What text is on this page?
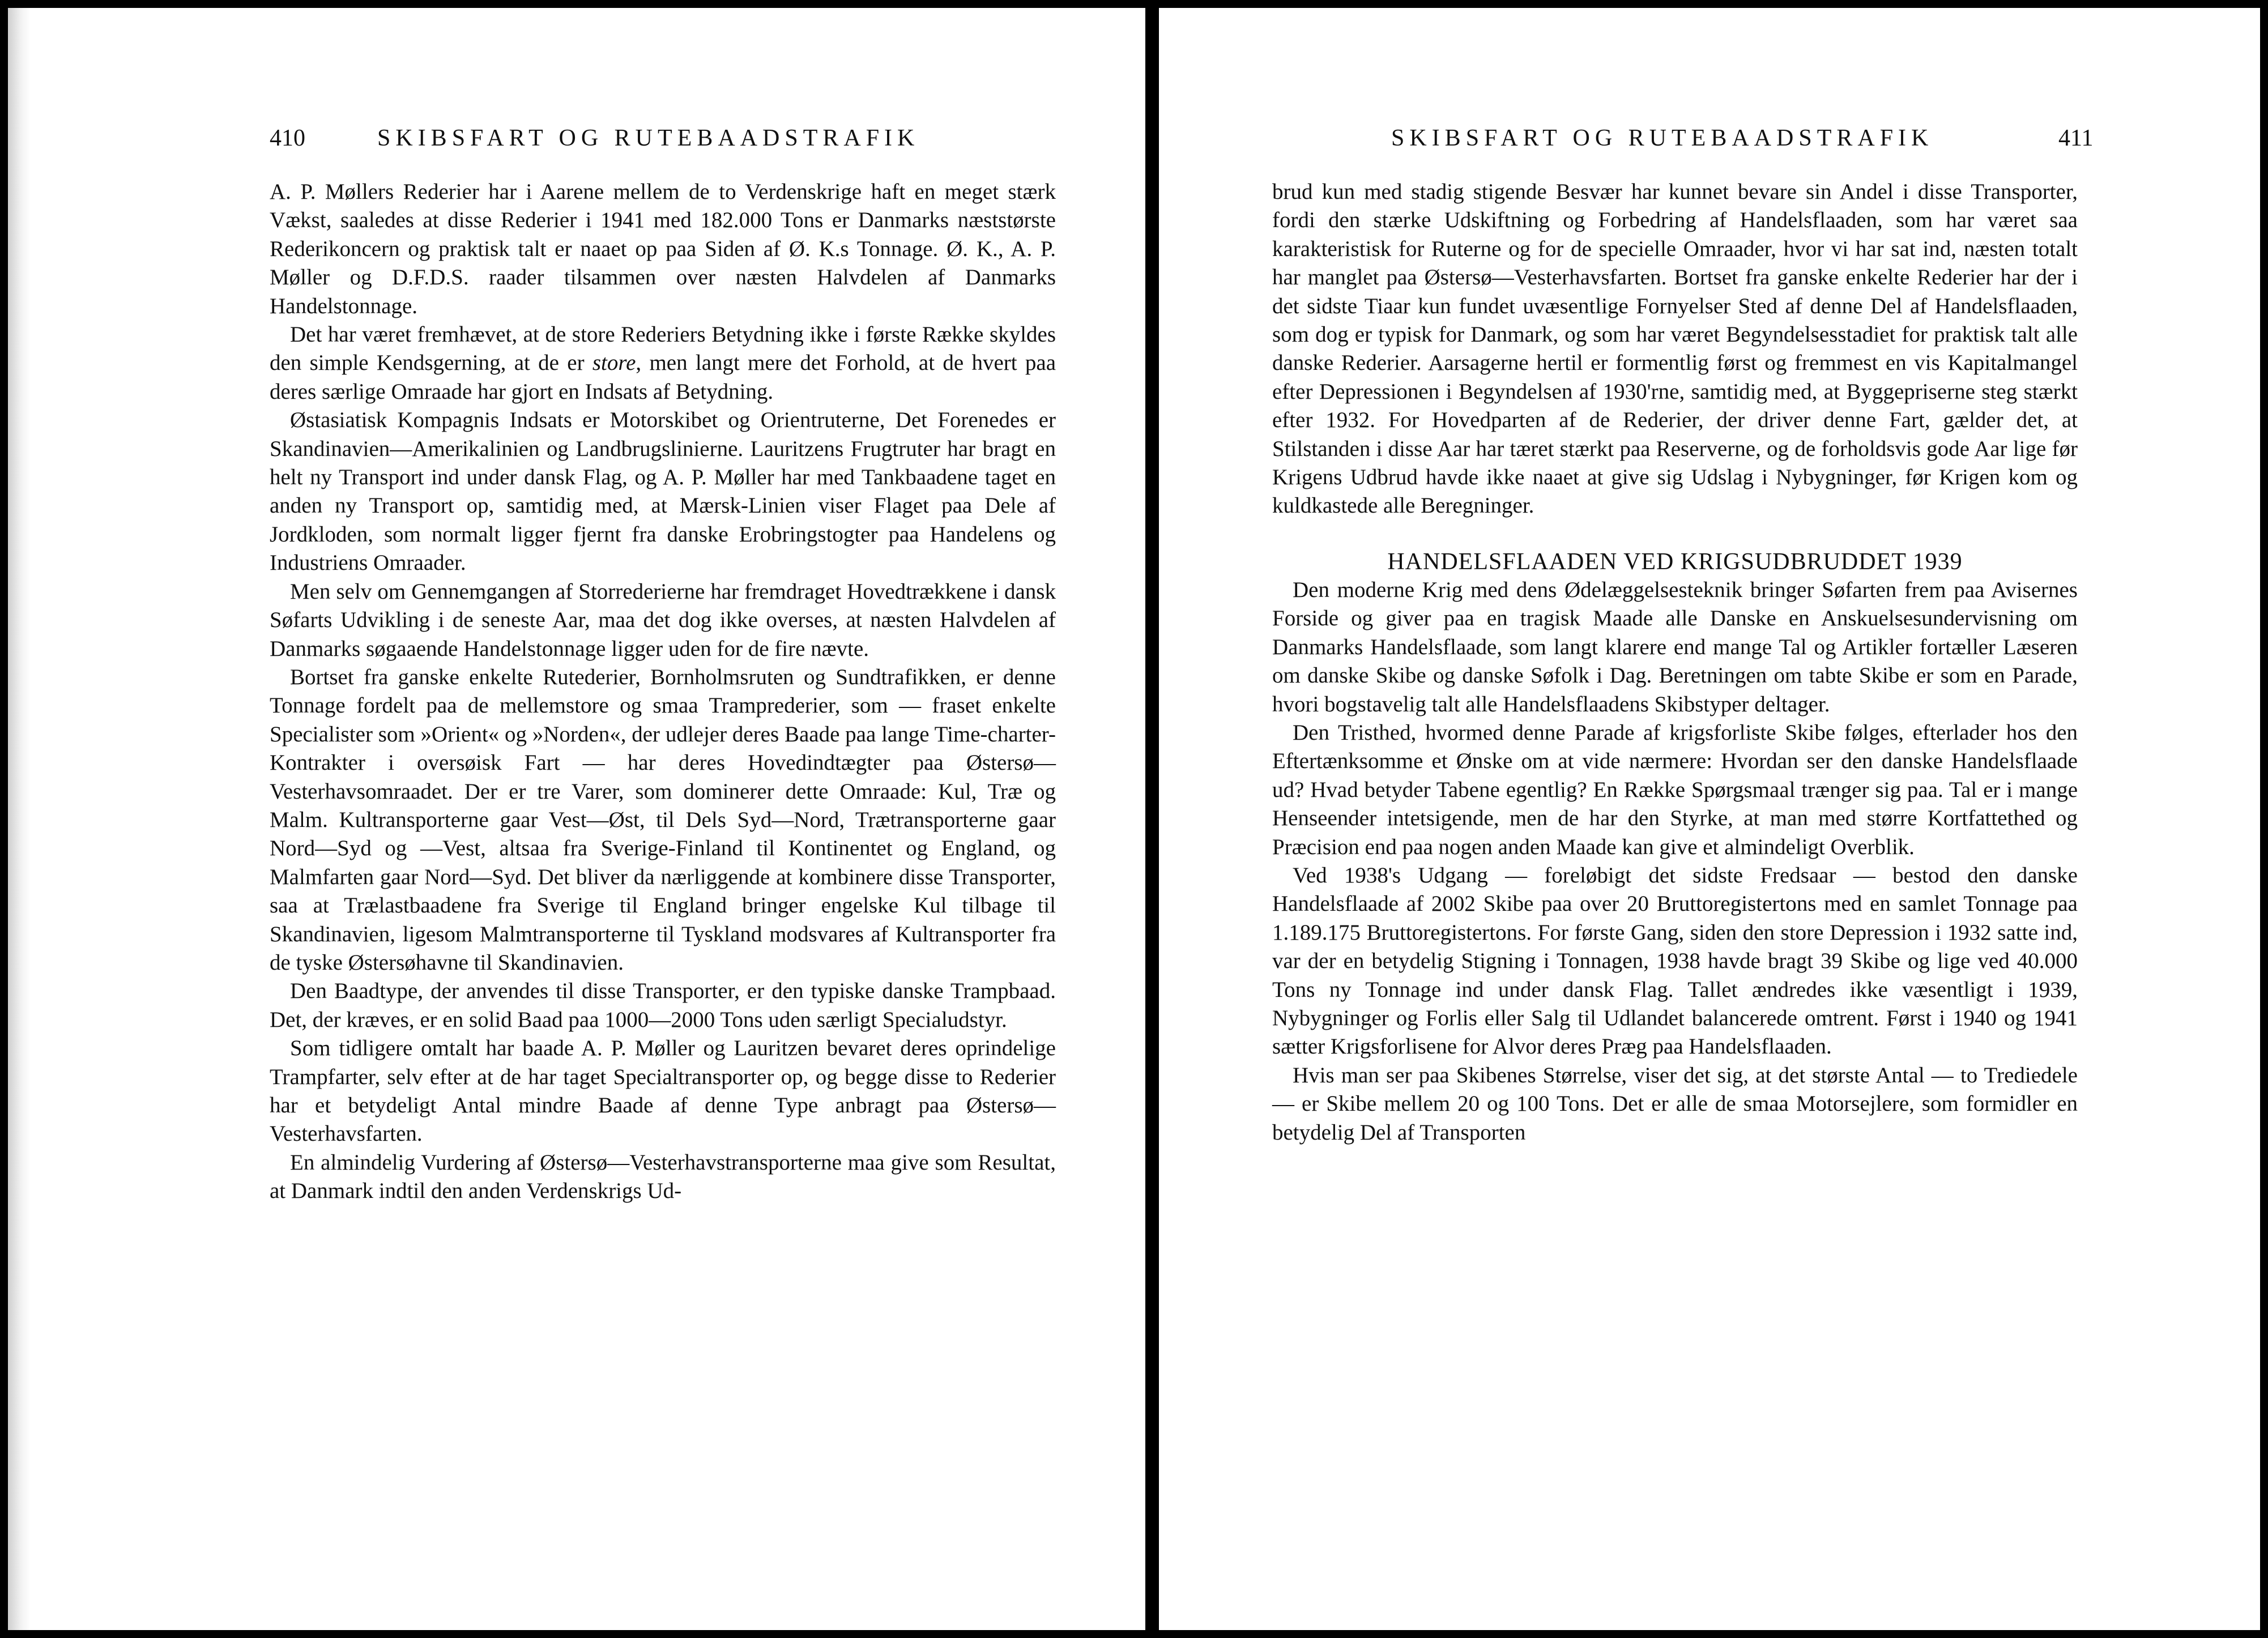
410	SKIBSFART OG RUTEBAADSTRAFIK

A. P. Møllers Rederier har i Aarene mellem de to Verdenskrige haft en meget stærk Vækst, saaledes at disse Rederier i 1941 med 182.000 Tons er Danmarks næststørste Rederikoncern og praktisk talt er naaet op paa Siden af Ø. K.s Tonnage. Ø. K., A. P. Møller og D.F.D.S. raader tilsammen over næsten Halvdelen af Danmarks Handelstonnage.

Det har været fremhævet, at de store Rederiers Betydning ikke i første Række skyldes den simple Kendsgerning, at de er store, men langt mere det Forhold, at de hvert paa deres særlige Omraade har gjort en Indsats af Betydning.

Østasiatisk Kompagnis Indsats er Motorskibet og Orientruterne, Det Forenedes er Skandinavien—Amerikalinien og Landbrugslinierne. Lauritzens Frugtruter har bragt en helt ny Transport ind under dansk Flag, og A. P. Møller har med Tankbaadene taget en anden ny Transport op, samtidig med, at Mærsk-Linien viser Flaget paa Dele af Jordkloden, som normalt ligger fjernt fra danske Erobringstogter paa Handelens og Industriens Omraader.

Men selv om Gennemgangen af Storrederierne har fremdraget Hovedtrækkene i dansk Søfarts Udvikling i de seneste Aar, maa det dog ikke overses, at næsten Halvdelen af Danmarks søgaaende Handelstonnage ligger uden for de fire nævte.

Bortset fra ganske enkelte Rutederier, Bornholmsruten og Sundtrafikken, er denne Tonnage fordelt paa de mellemstore og smaa Tramprederier, som — fraset enkelte Specialister som »Orient« og »Norden«, der udlejer deres Baade paa lange Time-charter-Kontrakter i oversøisk Fart — har deres Hovedindtægter paa Østersø—Vesterhavsomraadet. Der er tre Varer, som dominerer dette Omraade: Kul, Træ og Malm. Kultransporterne gaar Vest—Øst, til Dels Syd—Nord, Trætransporterne gaar Nord—Syd og —Vest, altsaa fra Sverige-Finland til Kontinentet og England, og Malmfarten gaar Nord—Syd. Det bliver da nærliggende at kombinere disse Transporter, saa at Trælastbaadene fra Sverige til England bringer engelske Kul tilbage til Skandinavien, ligesom Malmtransporterne til Tyskland modsvares af Kultransporter fra de tyske Østersøhavne til Skandinavien.

Den Baadtype, der anvendes til disse Transporter, er den typiske danske Trampbaad. Det, der kræves, er en solid Baad paa 1000—2000 Tons uden særligt Specialudstyr.

Som tidligere omtalt har baade A. P. Møller og Lauritzen bevaret deres oprindelige Trampfarter, selv efter at de har taget Specialtransporter op, og begge disse to Rederier har et betydeligt Antal mindre Baade af denne Type anbragt paa Østersø—Vesterhavsfarten.

En almindelig Vurdering af Østersø—Vesterhavstransporterne maa give som Resultat, at Danmark indtil den anden Verdenskrigs Ud-

SKIBSFART OG RUTEBAADSTRAFIK	411

brud kun med stadig stigende Besvær har kunnet bevare sin Andel i disse Transporter, fordi den stærke Udskiftning og Forbedring af Handelsflaaden, som har været saa karakteristisk for Ruterne og for de specielle Omraader, hvor vi har sat ind, næsten totalt har manglet paa Østersø—Vesterhavsfarten. Bortset fra ganske enkelte Rederier har der i det sidste Tiaar kun fundet uvæsentlige Fornyelser Sted af denne Del af Handelsflaaden, som dog er typisk for Danmark, og som har været Begyndelsesstadiet for praktisk talt alle danske Rederier. Aarsagerne hertil er formentlig først og fremmest en vis Kapitalmangel efter Depressionen i Begyndelsen af 1930'rne, samtidig med, at Byggepriserne steg stærkt efter 1932. For Hovedparten af de Rederier, der driver denne Fart, gælder det, at Stilstanden i disse Aar har tæret stærkt paa Reserverne, og de forholdsvis gode Aar lige før Krigens Udbrud havde ikke naaet at give sig Udslag i Nybygninger, før Krigen kom og kuldkastede alle Beregninger.

HANDELSFLAADEN VED KRIGSUDBRUDDET 1939

Den moderne Krig med dens Ødelæggelsesteknik bringer Søfarten frem paa Avisernes Forside og giver paa en tragisk Maade alle Danske en Anskuelsesundervisning om Danmarks Handelsflaade, som langt klarere end mange Tal og Artikler fortæller Læseren om danske Skibe og danske Søfolk i Dag. Beretningen om tabte Skibe er som en Parade, hvori bogstavelig talt alle Handelsflaadens Skibstyper deltager.

Den Tristhed, hvormed denne Parade af krigsforliste Skibe følges, efterlader hos den Eftertænksomme et Ønske om at vide nærmere: Hvordan ser den danske Handelsflaade ud? Hvad betyder Tabene egentlig? En Række Spørgsmaal trænger sig paa. Tal er i mange Henseender intetsigende, men de har den Styrke, at man med større Kortfattethed og Præcision end paa nogen anden Maade kan give et almindeligt Overblik.

Ved 1938's Udgang — foreløbigt det sidste Fredsaar — bestod den danske Handelsflaade af 2002 Skibe paa over 20 Bruttoregistertons med en samlet Tonnage paa 1.189.175 Bruttoregistertons. For første Gang, siden den store Depression i 1932 satte ind, var der en betydelig Stigning i Tonnagen, 1938 havde bragt 39 Skibe og lige ved 40.000 Tons ny Tonnage ind under dansk Flag. Tallet ændredes ikke væsentligt i 1939, Nybygninger og Forlis eller Salg til Udlandet balancerede omtrent. Først i 1940 og 1941 sætter Krigsforlisene for Alvor deres Præg paa Handelsflaaden.

Hvis man ser paa Skibenes Størrelse, viser det sig, at det største Antal — to Trediedele — er Skibe mellem 20 og 100 Tons. Det er alle de smaa Motorsejlere, som formidler en betydelig Del af Transporten
